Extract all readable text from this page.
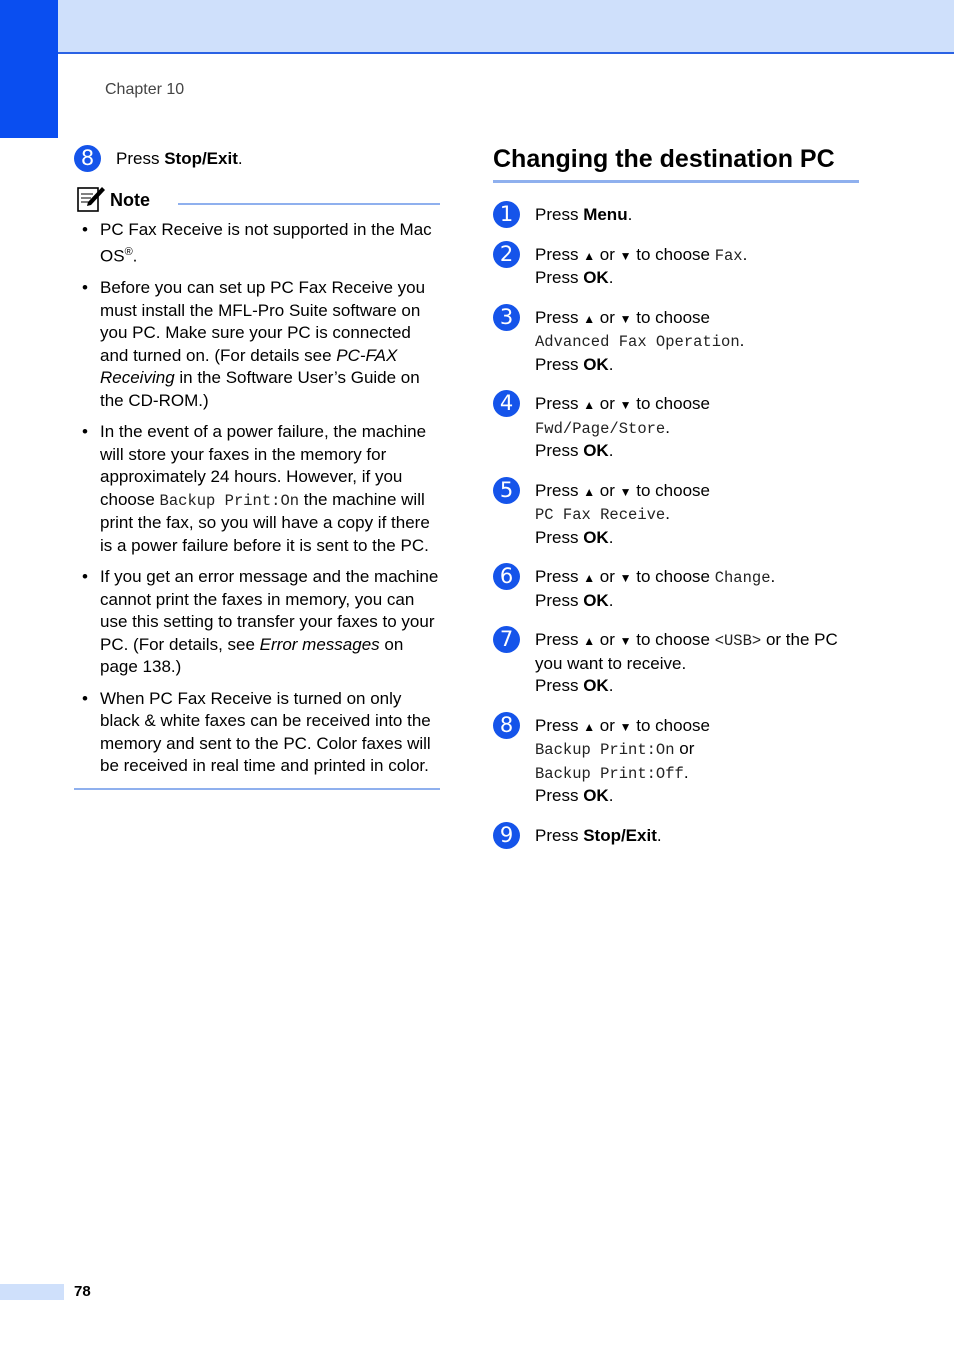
Chapter 10
8	Press Stop/Exit.
Note
• PC Fax Receive is not supported in the Mac OS®.
• Before you can set up PC Fax Receive you must install the MFL-Pro Suite software on you PC. Make sure your PC is connected and turned on. (For details see PC-FAX Receiving in the Software User’s Guide on the CD-ROM.)
• In the event of a power failure, the machine will store your faxes in the memory for approximately 24 hours. However, if you choose Backup Print:On the machine will print the fax, so you will have a copy if there is a power failure before it is sent to the PC.
• If you get an error message and the machine cannot print the faxes in memory, you can use this setting to transfer your faxes to your PC. (For details, see Error messages on page 138.)
• When PC Fax Receive is turned on only black & white faxes can be received into the memory and sent to the PC. Color faxes will be received in real time and printed in color.
Changing the destination PC
1	Press Menu.
2	Press ▲ or ▼ to choose Fax.
Press OK.
3	Press ▲ or ▼ to choose
Advanced Fax Operation.
Press OK.
4	Press ▲ or ▼ to choose
Fwd/Page/Store.
Press OK.
5	Press ▲ or ▼ to choose
PC Fax Receive.
Press OK.
6	Press ▲ or ▼ to choose Change.
Press OK.
7	Press ▲ or ▼ to choose <USB> or the PC you want to receive.
Press OK.
8	Press ▲ or ▼ to choose
Backup Print:On or
Backup Print:Off.
Press OK.
9	Press Stop/Exit.
78
